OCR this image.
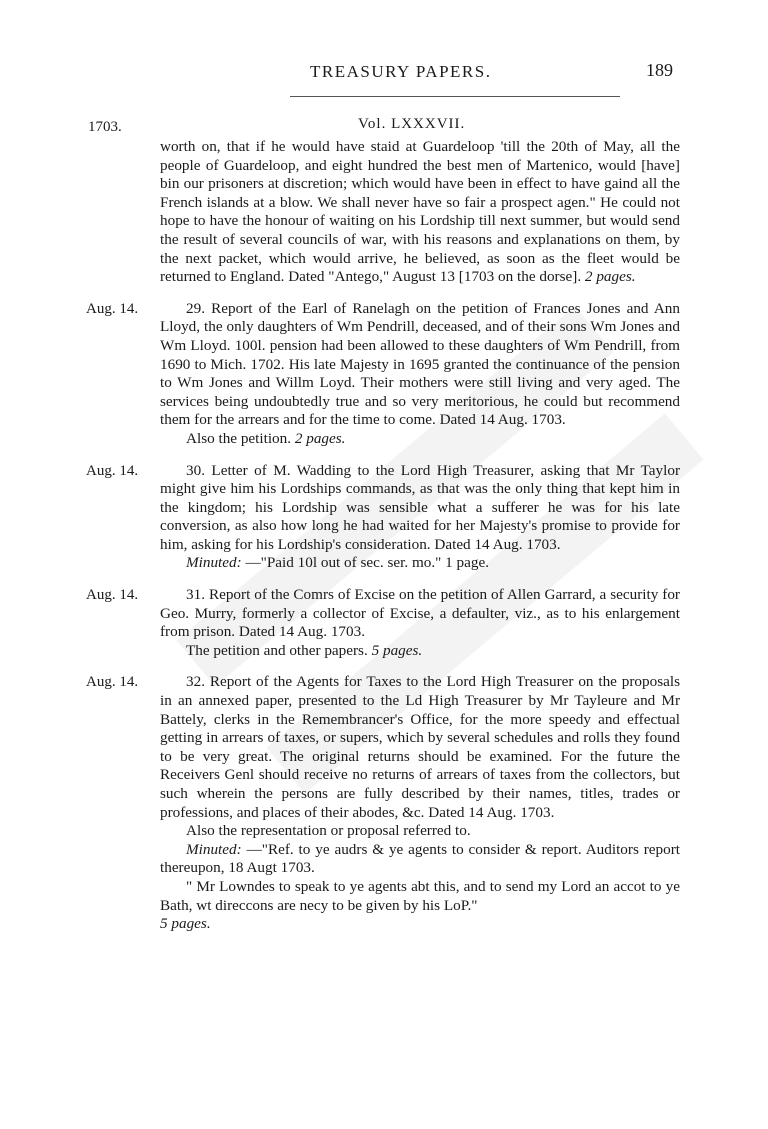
TREASURY PAPERS.	189
1703.	Vol. LXXXVII.

worth on, that if he would have staid at Guardeloop 'till the 20th of May, all the people of Guardeloop, and eight hundred the best men of Martenico, would [have] bin our prisoners at discretion; which would have been in effect to have gaind all the French islands at a blow. We shall never have so fair a prospect agen." He could not hope to have the honour of waiting on his Lordship till next summer, but would send the result of several councils of war, with his reasons and explanations on them, by the next packet, which would arrive, he believed, as soon as the fleet would be returned to England. Dated "Antego," August 13 [1703 on the dorse]. 2 pages.

Aug. 14.	29. Report of the Earl of Ranelagh on the petition of Frances Jones and Ann Lloyd, the only daughters of Wm Pendrill, deceased, and of their sons Wm Jones and Wm Lloyd. 100l. pension had been allowed to these daughters of Wm Pendrill, from 1690 to Mich. 1702. His late Majesty in 1695 granted the continuance of the pension to Wm Jones and Willm Loyd. Their mothers were still living and very aged. The services being undoubtedly true and so very meritorious, he could but recommend them for the arrears and for the time to come. Dated 14 Aug. 1703.

Also the petition. 2 pages.

Aug. 14.	30. Letter of M. Wadding to the Lord High Treasurer, asking that Mr Taylor might give him his Lordships commands, as that was the only thing that kept him in the kingdom; his Lordship was sensible what a sufferer he was for his late conversion, as also how long he had waited for her Majesty's promise to provide for him, asking for his Lordship's consideration. Dated 14 Aug. 1703.

Minuted: —"Paid 10l out of sec. ser. mo." 1 page.

Aug. 14.	31. Report of the Comrs of Excise on the petition of Allen Garrard, a security for Geo. Murry, formerly a collector of Excise, a defaulter, viz., as to his enlargement from prison. Dated 14 Aug. 1703.

The petition and other papers. 5 pages.

Aug. 14.	32. Report of the Agents for Taxes to the Lord High Treasurer on the proposals in an annexed paper, presented to the Ld High Treasurer by Mr Tayleure and Mr Battely, clerks in the Remembrancer's Office, for the more speedy and effectual getting in arrears of taxes, or supers, which by several schedules and rolls they found to be very great. The original returns should be examined. For the future the Receivers Genl should receive no returns of arrears of taxes from the collectors, but such wherein the persons are fully described by their names, titles, trades or professions, and places of their abodes, &c. Dated 14 Aug. 1703.

Also the representation or proposal referred to.

Minuted: —"Ref. to ye audrs & ye agents to consider & report. Auditors report thereupon, 18 Augt 1703.

" Mr Lowndes to speak to ye agents abt this, and to send my Lord an accot to ye Bath, wt direccons are necy to be given by his LoP."

5 pages.
